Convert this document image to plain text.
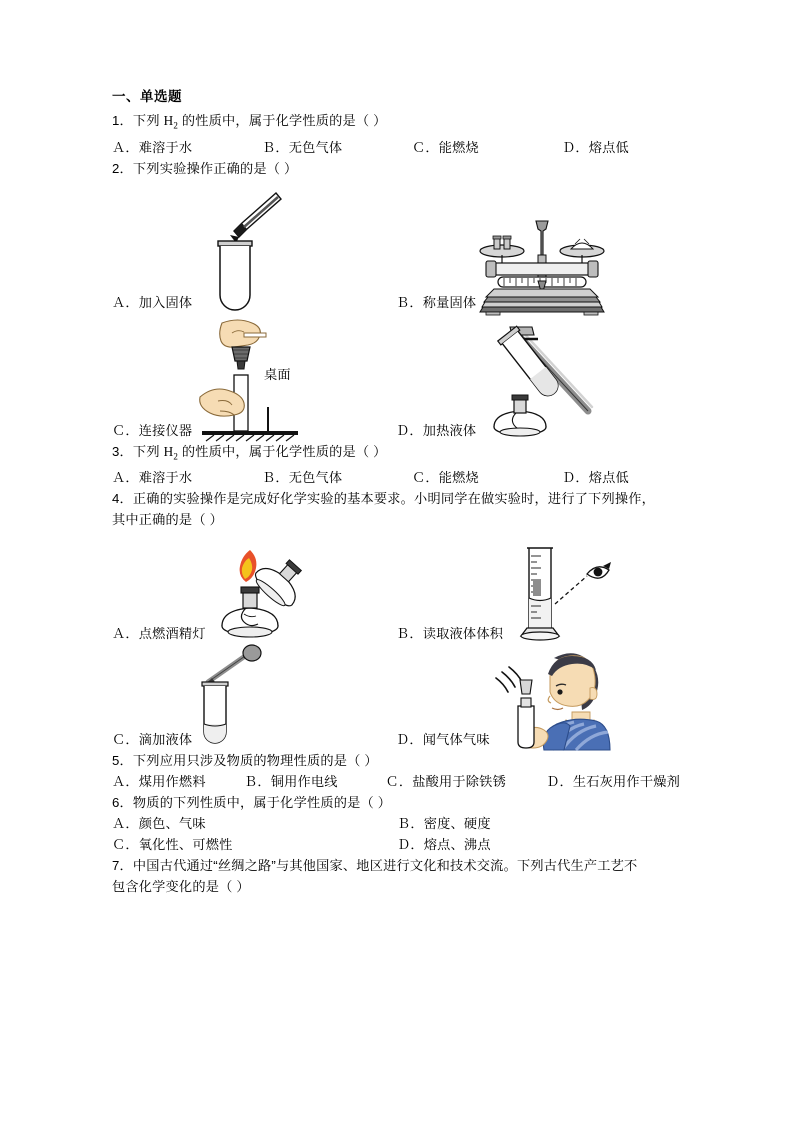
一、单选题
1．下列 $H_2$ 的性质中，属于化学性质的是（ ）
Ａ．难溶于水	Ｂ．无色气体	Ｃ．能燃烧	Ｄ．熔点低
2．下列实验操作正确的是（ ）
Ａ．加入固体	Ｂ．称量固体
Ｃ．连接仪器
桌面
Ｄ．加热液体
3．下列 $H_2$ 的性质中，属于化学性质的是（ ）
Ａ．难溶于水	Ｂ．无色气体	Ｃ．能燃烧	Ｄ．熔点低
4．正确的实验操作是完成好化学实验的基本要求。小明同学在做实验时，进行了下列操作，
其中正确的是（ ）
Ａ．点燃酒精灯	Ｂ．读取液体体积
Ｃ．滴加液体	Ｄ．闻气体气味
5．下列应用只涉及物质的物理性质的是（ ）
Ａ．煤用作燃料	Ｂ．铜用作电线	Ｃ．盐酸用于除铁锈	Ｄ．生石灰用作干燥剂
6．物质的下列性质中，属于化学性质的是（ ）
Ａ．颜色、气味	Ｂ．密度、硬度
Ｃ．氧化性、可燃性	Ｄ．熔点、沸点
7．中国古代通过“丝绸之路”与其他国家、地区进行文化和技术交流。下列古代生产工艺不
包含化学变化的是（ ）
